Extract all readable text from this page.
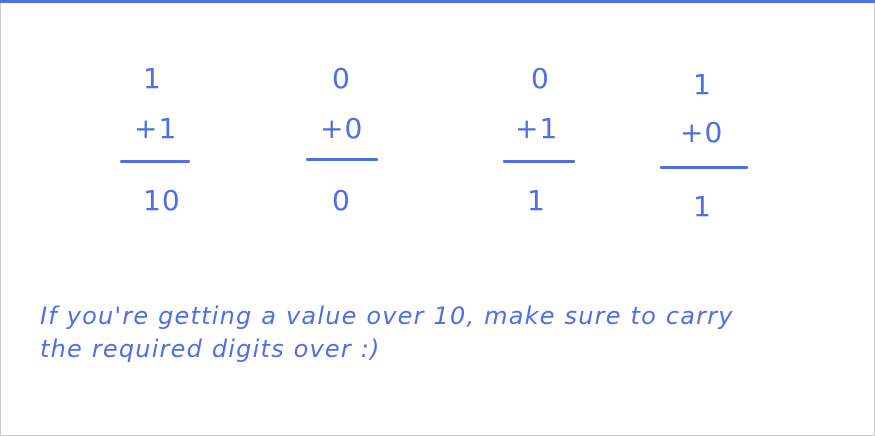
1
+1
10
0
+0
0
0
+1
1
1
+0
1
If you're getting a value over 10, make sure to carry
the required digits over :)
